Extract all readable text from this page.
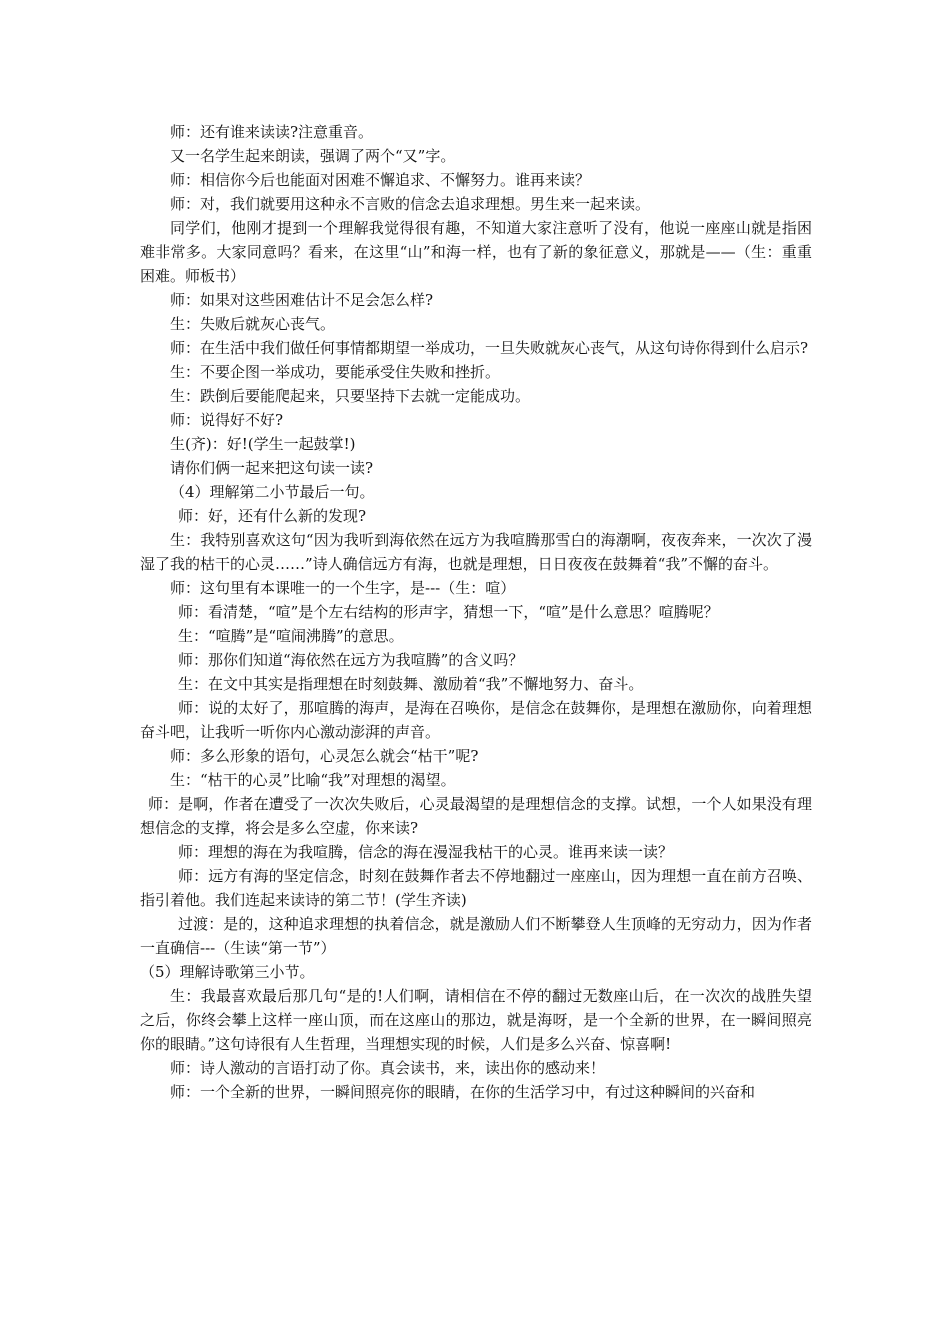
师：还有谁来读读?注意重音。

又一名学生起来朗读，强调了两个“又”字。

师：相信你今后也能面对困难不懈追求、不懈努力。谁再来读？

师：对，我们就要用这种永不言败的信念去追求理想。男生来一起来读。

同学们，他刚才提到一个理解我觉得很有趣，不知道大家注意听了没有，他说一座座山就是指困难非常多。大家同意吗？看来，在这里“山”和海一样，也有了新的象征意义，那就是——（生：重重困难。师板书）

师：如果对这些困难估计不足会怎么样?

生：失败后就灰心丧气。

师：在生活中我们做任何事情都期望一举成功，一旦失败就灰心丧气，从这句诗你得到什么启示?

生：不要企图一举成功，要能承受住失败和挫折。

生：跌倒后要能爬起来，只要坚持下去就一定能成功。

师：说得好不好?

生(齐)：好!(学生一起鼓掌!)

请你们俩一起来把这句读一读?

（4）理解第二小节最后一句。

师：好，还有什么新的发现?

生：我特别喜欢这句“因为我听到海依然在远方为我喧腾那雪白的海潮啊，夜夜奔来，一次次了漫湿了我的枯干的心灵……”诗人确信远方有海，也就是理想，日日夜夜在鼓舞着“我”不懈的奋斗。

师：这句里有本课唯一的一个生字，是---（生：喧）

师：看清楚，“喧”是个左右结构的形声字，猜想一下，“喧”是什么意思？喧腾呢？

生：“喧腾”是“喧闹沸腾”的意思。

师：那你们知道“海依然在远方为我喧腾”的含义吗？

生：在文中其实是指理想在时刻鼓舞、激励着“我”不懈地努力、奋斗。

师：说的太好了，那喧腾的海声，是海在召唤你，是信念在鼓舞你，是理想在激励你，向着理想奋斗吧，让我听一听你内心激动澎湃的声音。

师：多么形象的语句，心灵怎么就会“枯干”呢?

生：“枯干的心灵”比喻“我”对理想的渴望。

师：是啊，作者在遭受了一次次失败后，心灵最渴望的是理想信念的支撑。试想，一个人如果没有理想信念的支撑，将会是多么空虚，你来读?

师：理想的海在为我喧腾，信念的海在漫湿我枯干的心灵。谁再来读一读？

师：远方有海的坚定信念，时刻在鼓舞作者去不停地翻过一座座山，因为理想一直在前方召唤、指引着他。我们连起来读诗的第二节！(学生齐读)

过渡：是的，这种追求理想的执着信念，就是激励人们不断攀登人生顶峰的无穷动力，因为作者一直确信---（生读“第一节”）

（5）理解诗歌第三小节。

生：我最喜欢最后那几句“是的!人们啊，请相信在不停的翻过无数座山后，在一次次的战胜失望之后，你终会攀上这样一座山顶，而在这座山的那边，就是海呀，是一个全新的世界，在一瞬间照亮你的眼睛。”这句诗很有人生哲理，当理想实现的时候，人们是多么兴奋、惊喜啊!

师：诗人激动的言语打动了你。真会读书，来，读出你的感动来！

师：一个全新的世界，一瞬间照亮你的眼睛，在你的生活学习中，有过这种瞬间的兴奋和
